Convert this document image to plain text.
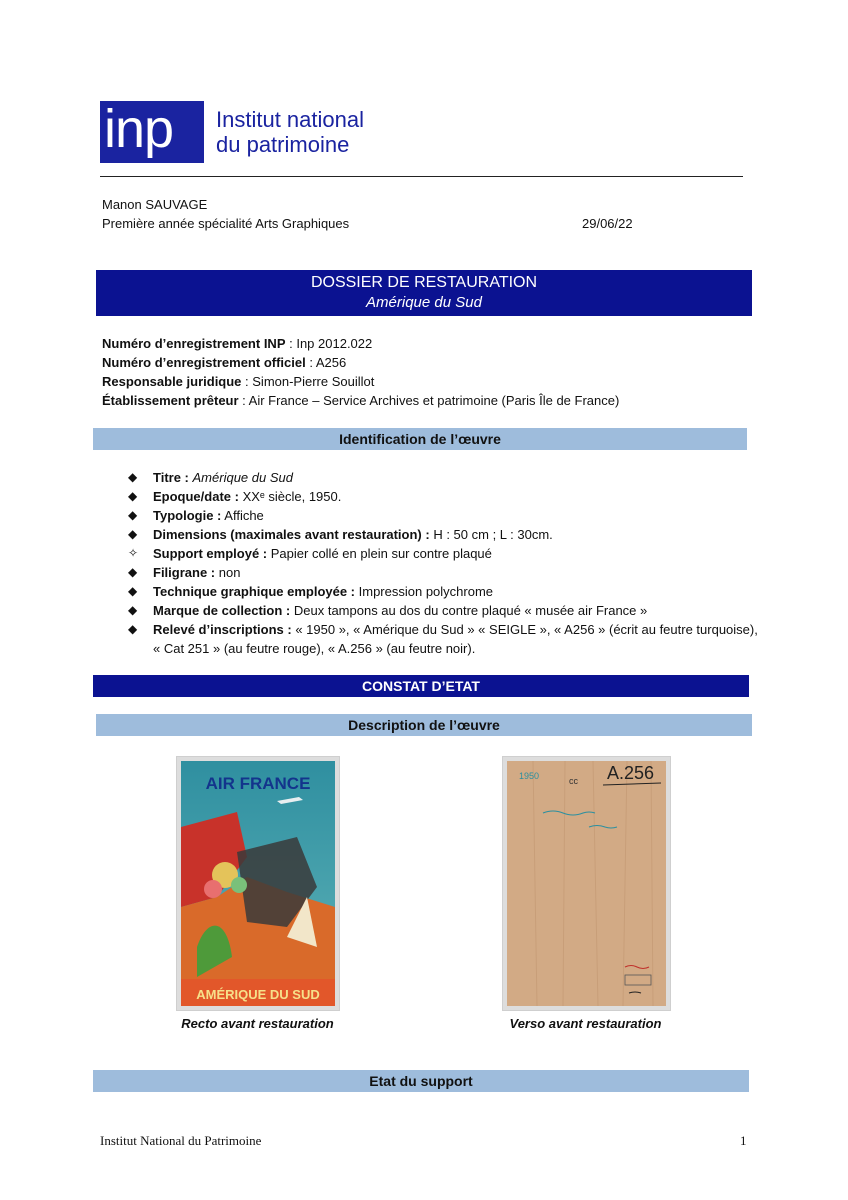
inp	Institut national
du patrimoine
Manon SAUVAGE
Première année spécialité Arts Graphiques	29/06/22
DOSSIER DE RESTAURATION
Amérique du Sud
Numéro d’enregistrement INP : Inp 2012.022
Numéro d’enregistrement officiel : A256
Responsable juridique : Simon-Pierre Souillot
Établissement prêteur : Air France – Service Archives et patrimoine (Paris Île de France)
Identification de l’œuvre
◆ Titre : Amérique du Sud
◆ Epoque/date : XXᵉ siècle, 1950.
◆ Typologie : Affiche
◆ Dimensions (maximales avant restauration) : H : 50 cm ; L : 30cm.
✧ Support employé : Papier collé en plein sur contre plaqué
◆ Filigrane : non
◆ Technique graphique employée : Impression polychrome
◆ Marque de collection : Deux tampons au dos du contre plaqué « musée air France »
◆ Relevé d’inscriptions : « 1950 », « Amérique du Sud » « SEIGLE », « A256 » (écrit au feutre turquoise), « Cat 251 » (au feutre rouge), « A.256 » (au feutre noir).
CONSTAT D’ETAT
Description de l’œuvre
AIR FRANCE
AMÉRIQUE DU SUD
Recto avant restauration
1950	cc A.256
Verso avant restauration
Etat du support
Institut National du Patrimoine	1
